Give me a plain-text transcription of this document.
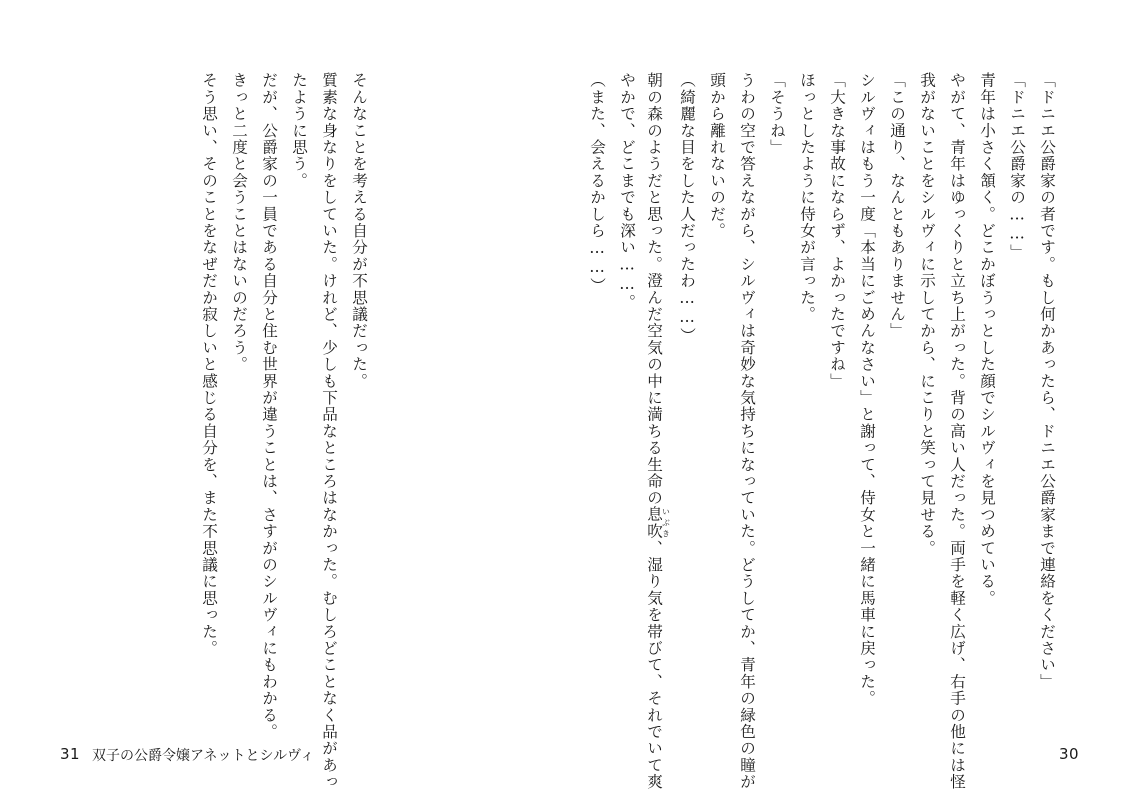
「ドニエ公爵家の者です。もし何かあったら、ドニエ公爵家まで連絡をください」
「ドニエ公爵家の……」
青年は小さく頷く。どこかぼうっとした顔でシルヴィを見つめている。
やがて、青年はゆっくりと立ち上がった。背の高い人だった。両手を軽く広げ、右手の他には怪
我がないことをシルヴィに示してから、にこりと笑って見せる。
「この通り、なんともありません」
シルヴィはもう一度「本当にごめんなさい」と謝って、侍女と一緒に馬車に戻った。
「大きな事故にならず、よかったですね」
ほっとしたように侍女が言った。
「そうね」
うわの空で答えながら、シルヴィは奇妙な気持ちになっていた。どうしてか、青年の緑色の瞳が
頭から離れないのだ。
（綺麗な目をした人だったわ……）
朝の森のようだと思った。澄んだ空気の中に満ちる生命の息吹いぶき、湿り気を帯びて、それでいて爽
やかで、どこまでも深い……。
（また、会えるかしら……）
30
そんなことを考える自分が不思議だった。
質素な身なりをしていた。けれど、少しも下品なところはなかった。むしろどことなく品があっ
たように思う。
だが、公爵家の一員である自分と住む世界が違うことは、さすがのシルヴィにもわかる。
きっと二度と会うことはないのだろう。
そう思い、そのことをなぜだか寂しいと感じる自分を、また不思議に思った。
31 双子の公爵令嬢アネットとシルヴィ
